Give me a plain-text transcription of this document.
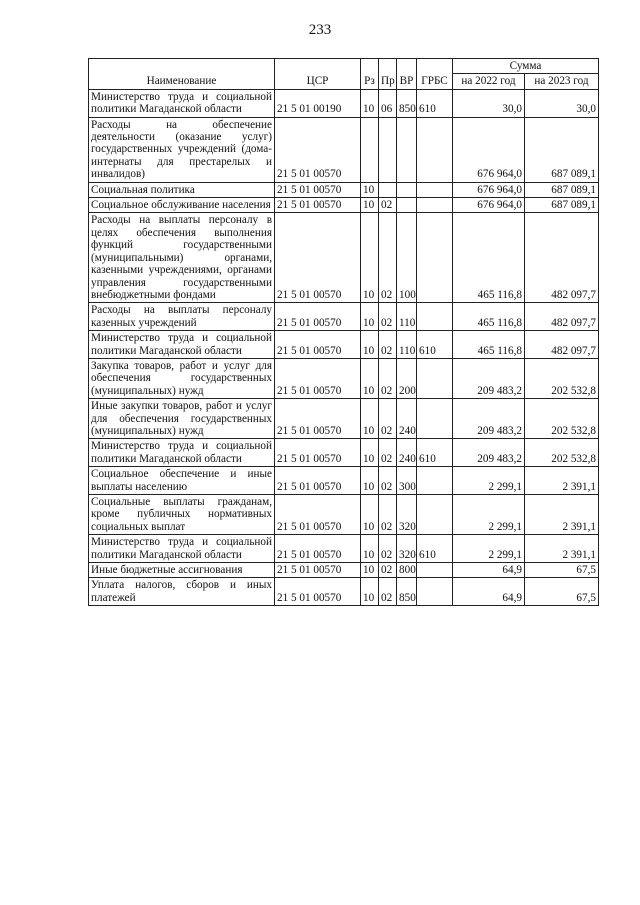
233
Наименование	ЦСР	Рз	Пр	ВР	ГРБС	Сумма	
						на 2022 год	на 2023 год
Министерство труда и социальной политики Магаданской области	21 5 01 00190	10	06	850	610	30,0	30,0
Расходы на обеспечение деятельности (оказание услуг) государственных учреждений (дома-интернаты для престарелых и инвалидов)	21 5 01 00570					676 964,0	687 089,1
Социальная политика	21 5 01 00570	10				676 964,0	687 089,1
Социальное обслуживание населения	21 5 01 00570	10	02			676 964,0	687 089,1
Расходы на выплаты персоналу в целях обеспечения выполнения функций государственными (муниципальными) органами, казенными учреждениями, органами управления государственными внебюджетными фондами	21 5 01 00570	10	02	100		465 116,8	482 097,7
Расходы на выплаты персоналу казенных учреждений	21 5 01 00570	10	02	110		465 116,8	482 097,7
Министерство труда и социальной политики Магаданской области	21 5 01 00570	10	02	110	610	465 116,8	482 097,7
Закупка товаров, работ и услуг для обеспечения государственных (муниципальных) нужд	21 5 01 00570	10	02	200		209 483,2	202 532,8
Иные закупки товаров, работ и услуг для обеспечения государственных (муниципальных) нужд	21 5 01 00570	10	02	240		209 483,2	202 532,8
Министерство труда и социальной политики Магаданской области	21 5 01 00570	10	02	240	610	209 483,2	202 532,8
Социальное обеспечение и иные выплаты населению	21 5 01 00570	10	02	300		2 299,1	2 391,1
Социальные выплаты гражданам, кроме публичных нормативных социальных выплат	21 5 01 00570	10	02	320		2 299,1	2 391,1
Министерство труда и социальной политики Магаданской области	21 5 01 00570	10	02	320	610	2 299,1	2 391,1
Иные бюджетные ассигнования	21 5 01 00570	10	02	800		64,9	67,5
Уплата налогов, сборов и иных платежей	21 5 01 00570	10	02	850		64,9	67,5
